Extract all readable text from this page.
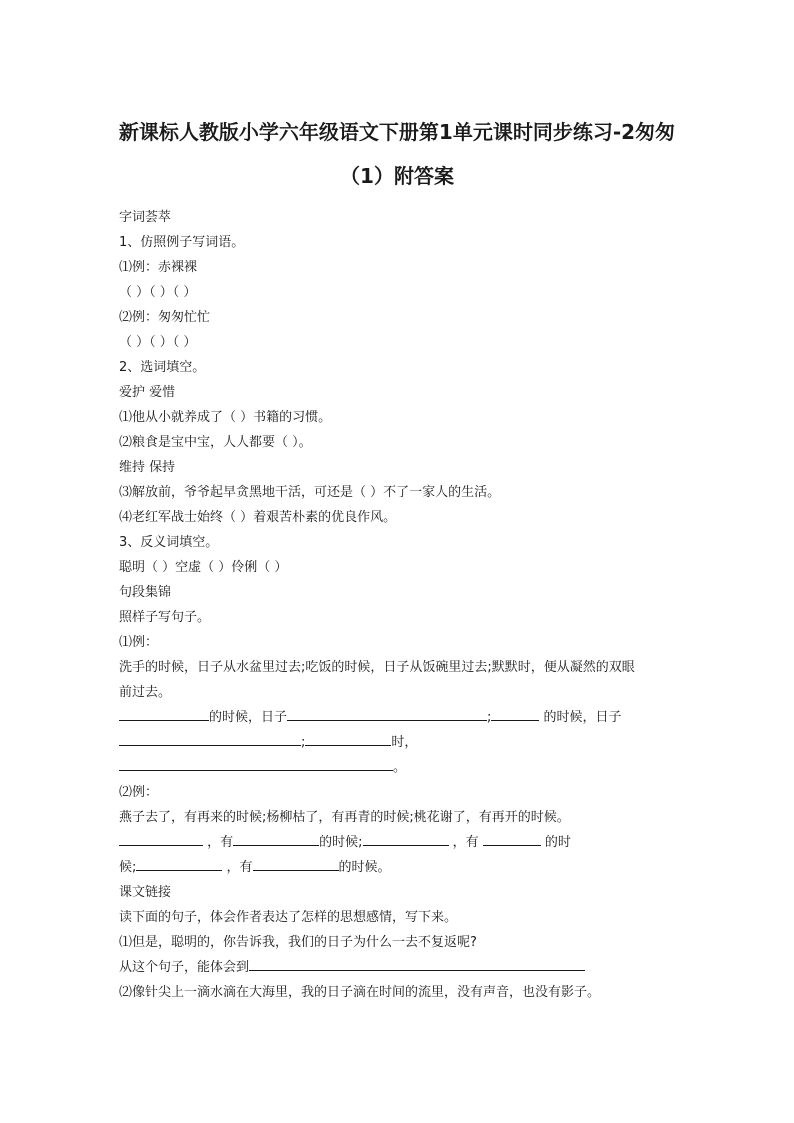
新课标人教版小学六年级语文下册第1单元课时同步练习-2匆匆
（1）附答案
字词荟萃
1、仿照例子写词语。
⑴例：赤裸裸
（ ）（ ）（ ）
⑵例：匆匆忙忙
（ ）（ ）（ ）
2、选词填空。
爱护 爱惜
⑴他从小就养成了（ ）书籍的习惯。
⑵粮食是宝中宝，人人都要（ ）。
维持 保持
⑶解放前，爷爷起早贪黑地干活，可还是（ ）不了一家人的生活。
⑷老红军战士始终（ ）着艰苦朴素的优良作风。
3、反义词填空。
聪明（ ）空虚（ ）伶俐（ ）
句段集锦
照样子写句子。
⑴例：
洗手的时候，日子从水盆里过去;吃饭的时候，日子从饭碗里过去;默默时，便从凝然的双眼
前过去。
的时候，日子	;	的时候，日子
;	时，
。
⑵例：
燕子去了，有再来的时候;杨柳枯了，有再青的时候;桃花谢了，有再开的时候。
，有	的时候;	，有	的时
候;	，有	的时候。
课文链接
读下面的句子，体会作者表达了怎样的思想感情，写下来。
⑴但是，聪明的，你告诉我，我们的日子为什么一去不复返呢?
从这个句子，能体会到
⑵像针尖上一滴水滴在大海里，我的日子滴在时间的流里，没有声音，也没有影子。
